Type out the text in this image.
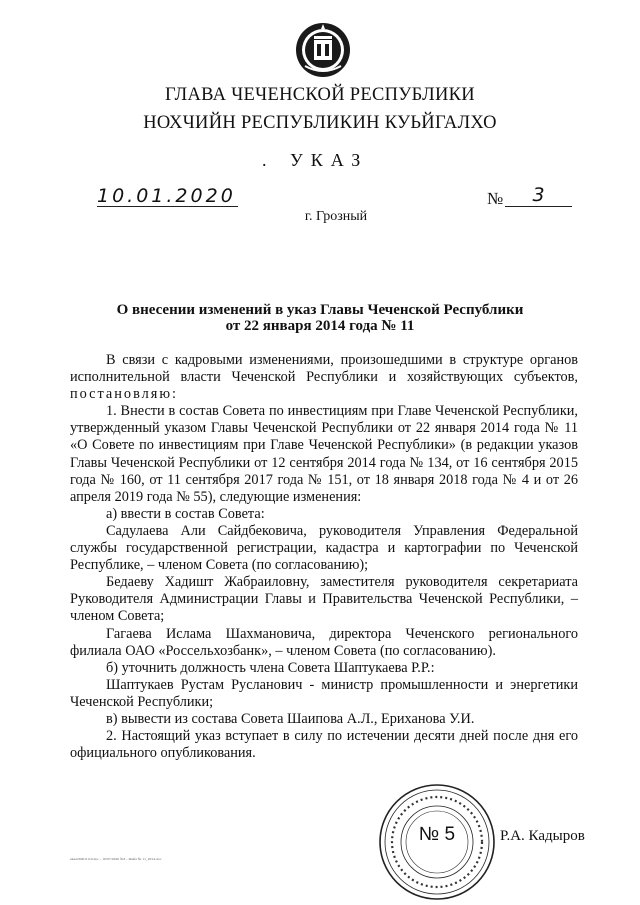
ГЛАВА ЧЕЧЕНСКОЙ РЕСПУБЛИКИ
НОХЧИЙН РЕСПУБЛИКИН КУЬЙГАЛХО
. УКАЗ
10.01.2020	№	3
г. Грозный
О внесении изменений в указ Главы Чеченской Республики
от 22 января 2014 года № 11

В связи с кадровыми изменениями, произошедшими в структуре органов исполнительной власти Чеченской Республики и хозяйствующих субъектов, постановляю:

1. Внести в состав Совета по инвестициям при Главе Чеченской Республики, утвержденный указом Главы Чеченской Республики от 22 января 2014 года № 11 «О Совете по инвестициям при Главе Чеченской Республики» (в редакции указов Главы Чеченской Республики от 12 сентября 2014 года № 134, от 16 сентября 2015 года № 160, от 11 сентября 2017 года № 151, от 18 января 2018 года № 4 и от 26 апреля 2019 года № 55), следующие изменения:

а) ввести в состав Совета:

Садулаева Али Сайдбековича, руководителя Управления Федеральной службы государственной регистрации, кадастра и картографии по Чеченской Республике, – членом Совета (по согласованию);

Бедаеву Хадишт Жабраиловну, заместителя руководителя секретариата Руководителя Администрации Главы и Правительства Чеченской Республики, – членом Совета;

Гагаева Ислама Шахмановича, директора Чеченского регионального филиала ОАО «Россельхозбанк», – членом Совета (по согласованию).

б) уточнить должность члена Совета Шаптукаева Р.Р.:

Шаптукаев Рустам Русланович - министр промышленности и энергетики Чеченской Республики;

в) вывести из состава Совета Шаипова А.Л., Ериханова У.И.

2. Настоящий указ вступает в силу по истечении десяти дней после дня его официального опубликования.

№ 5	Р.А. Кадыров
ukaz2020.0110.doc - 10/07/2020 №3 - Файл № 11_2014.doc
